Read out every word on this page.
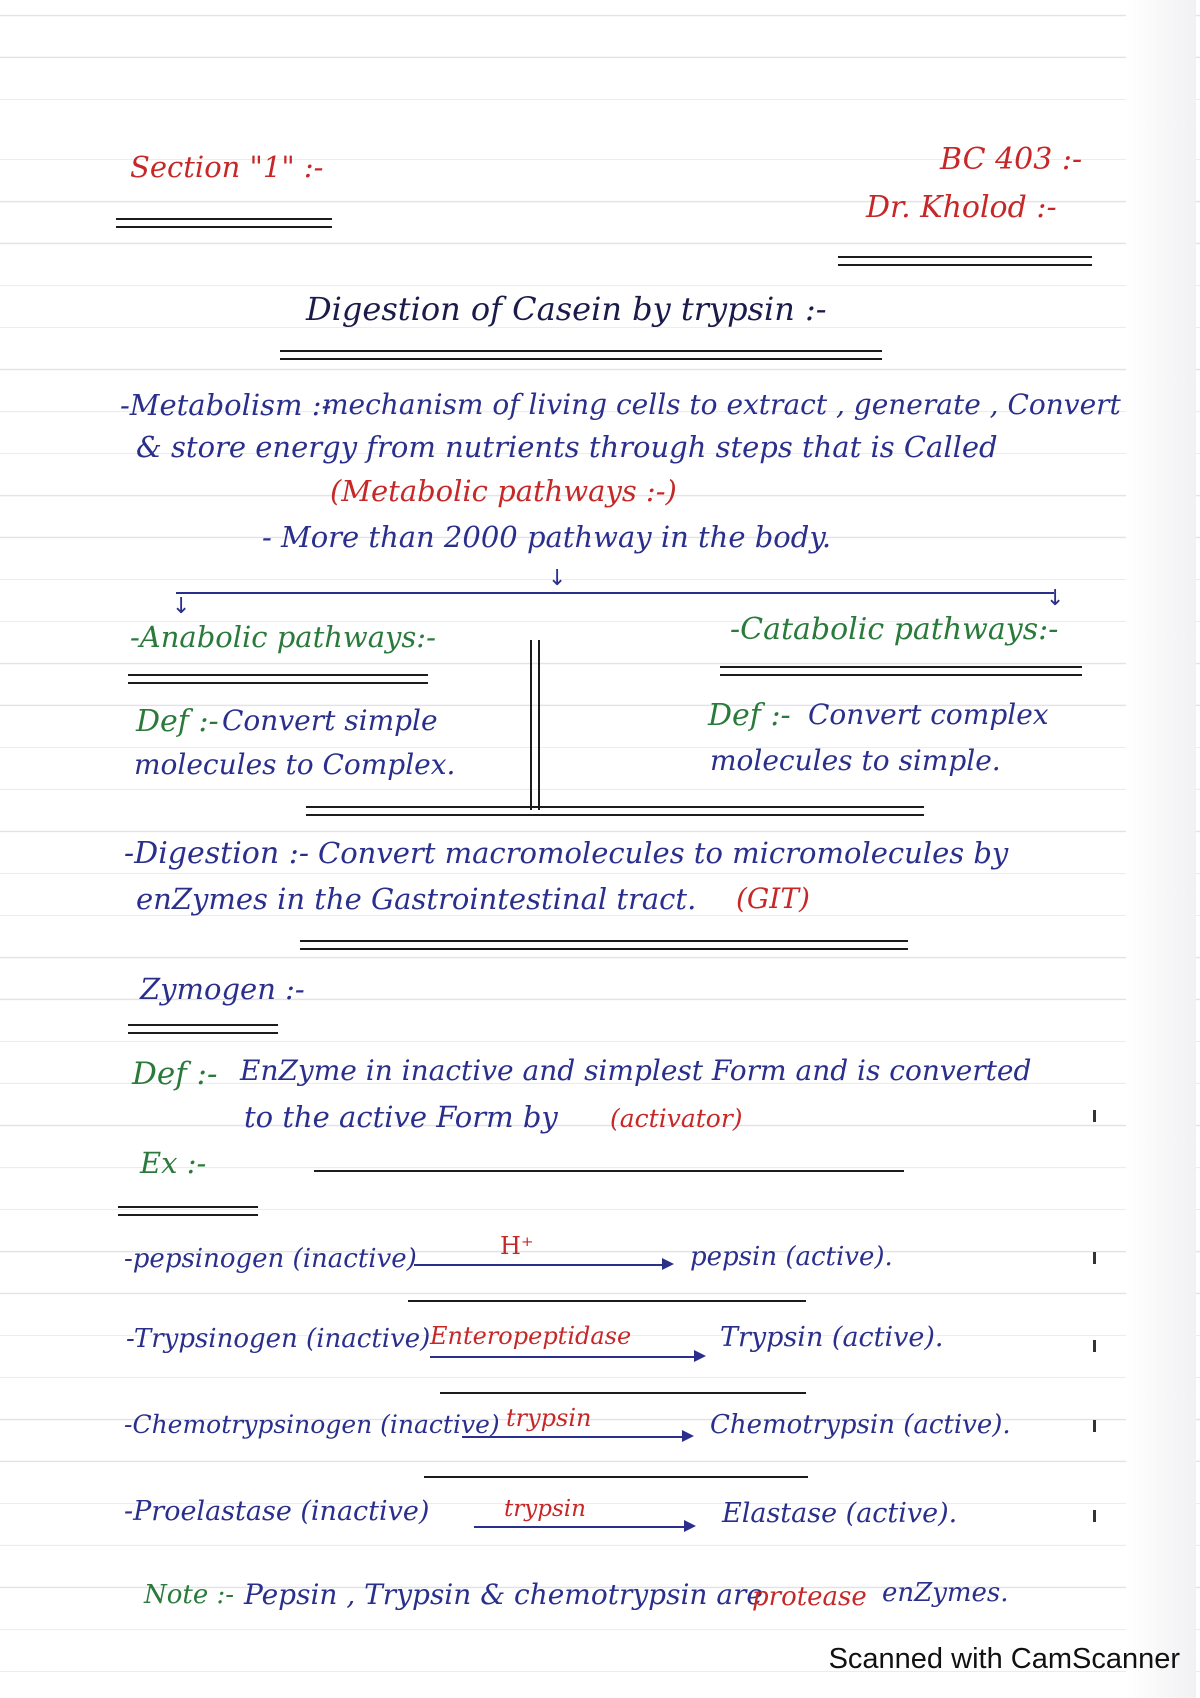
Section "1" :-	BC 403 :-
Dr. Kholod :-
Digestion of Casein by trypsin :-
-Metabolism :-
mechanism of living cells to extract , generate , Convert
& store energy from nutrients through steps that is Called
(Metabolic pathways :-)
- More than 2000 pathway in the body.
↓
↓	↓
-Anabolic pathways:-	-Catabolic pathways:-
Def :- Convert simple
molecules to Complex.
Def :- Convert complex
molecules to simple.
-Digestion :- Convert macromolecules to micromolecules by
enZymes in the Gastrointestinal tract. (GIT)
Zymogen :-
Def :- EnZyme in inactive and simplest Form and is converted
to the active Form by (activator)
Ex :-
-pepsinogen (inactive)	H⁺	pepsin (active).
-Trypsinogen (inactive) Enteropeptidase	Trypsin (active).
-Chemotrypsinogen (inactive) trypsin	Chemotrypsin (active).
-Proelastase (inactive)	trypsin	Elastase (active).
Note :- Pepsin , Trypsin & chemotrypsin are
protease enZymes.
Scanned with CamScanner
